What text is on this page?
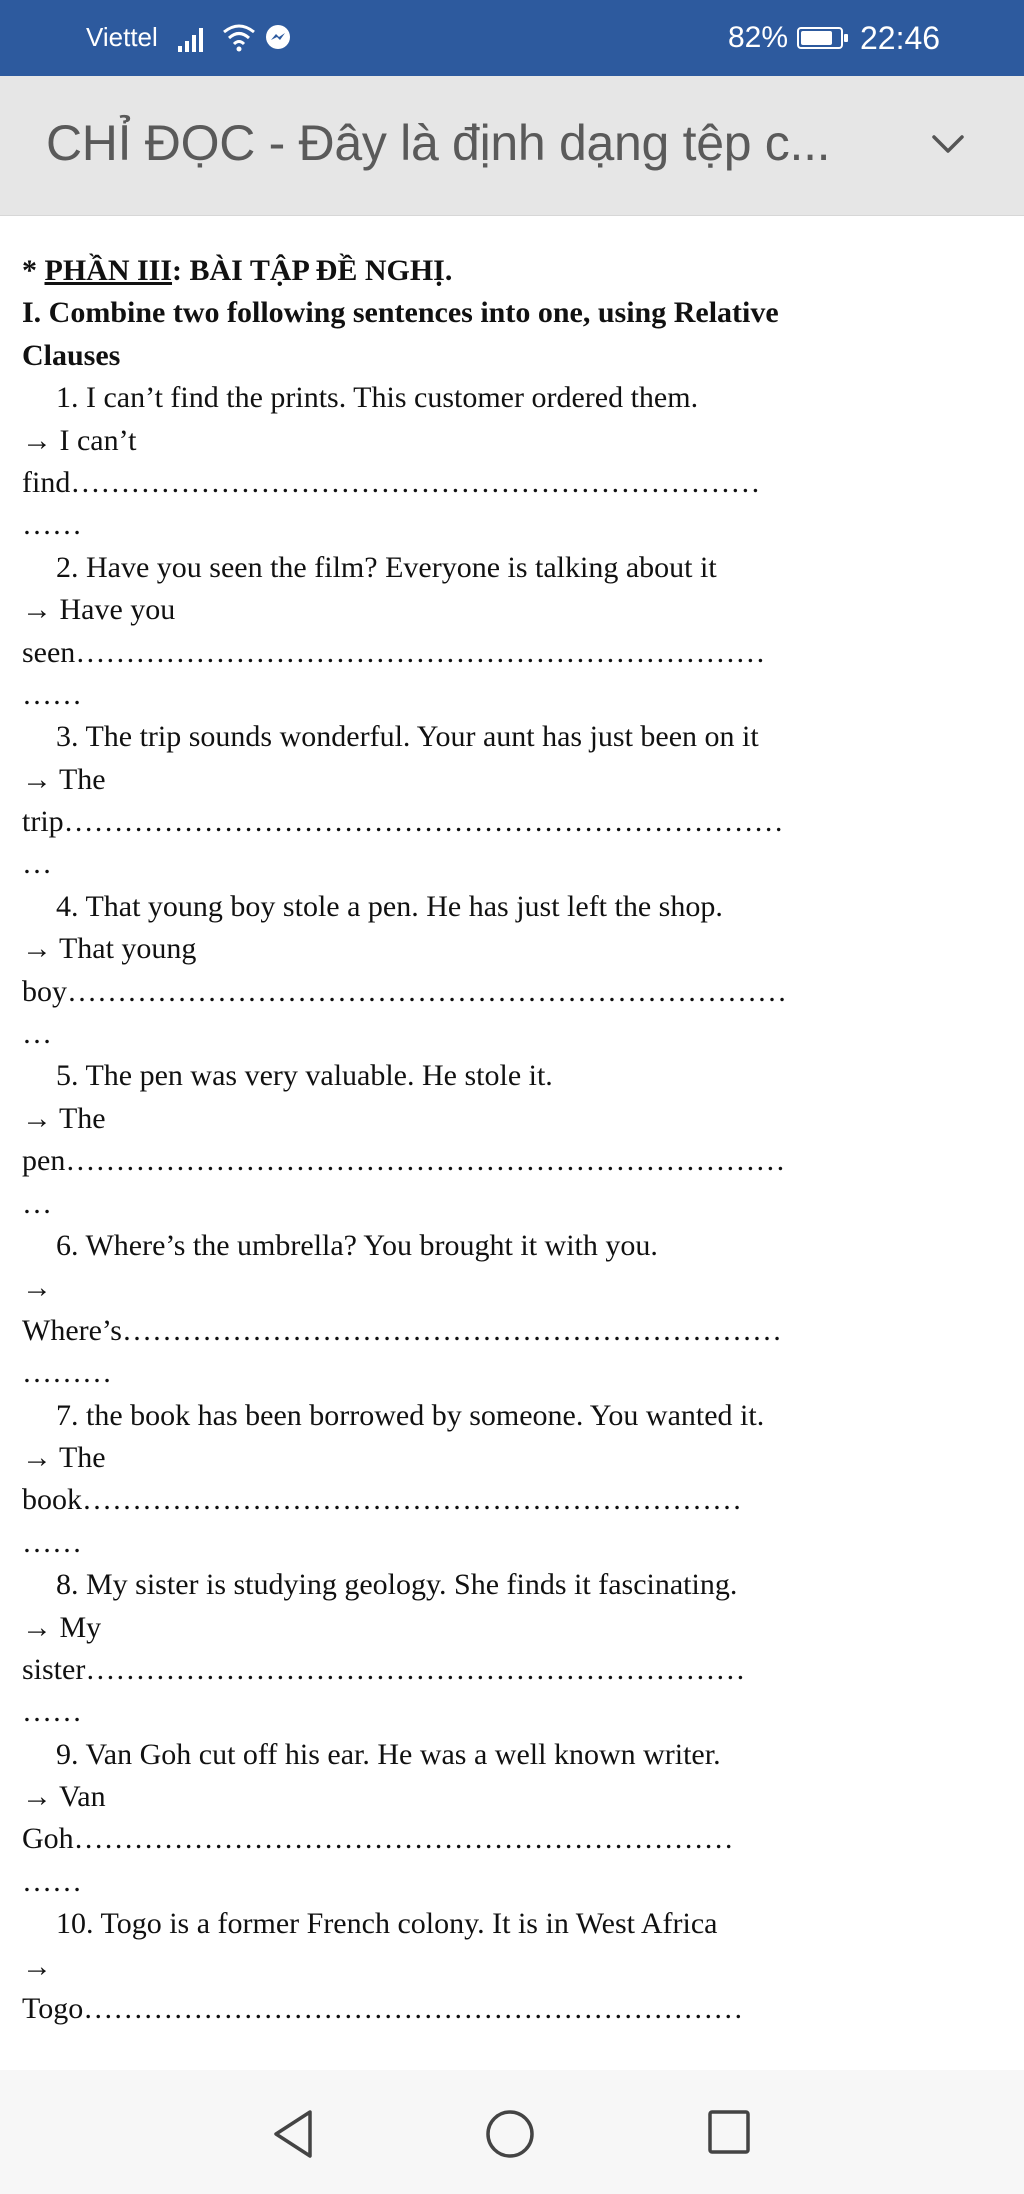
Viettel	82% 22:46
CHỈ ĐỌC - Đây là định dạng tệp c...
* PHẦN III: BÀI TẬP ĐỀ NGHỊ.
I. Combine two following sentences into one, using Relative
Clauses
1. I can’t find the prints. This customer ordered them.
→ I can’t
find……………………………………………………………
……
2. Have you seen the film? Everyone is talking about it
→ Have you
seen……………………………………………………………
……
3. The trip sounds wonderful. Your aunt has just been on it
→ The
trip………………………………………………………………
…
4. That young boy stole a pen. He has just left the shop.
→ That young
boy………………………………………………………………
…
5. The pen was very valuable. He stole it.
→ The
pen………………………………………………………………
…
6. Where’s the umbrella? You brought it with you.
→
Where’s…………………………………………………………
………
7. the book has been borrowed by someone. You wanted it.
→ The
book…………………………………………………………
……
8. My sister is studying geology. She finds it fascinating.
→ My
sister…………………………………………………………
……
9. Van Goh cut off his ear. He was a well known writer.
→ Van
Goh…………………………………………………………
……
10. Togo is a former French colony. It is in West Africa
→
Togo…………………………………………………………
